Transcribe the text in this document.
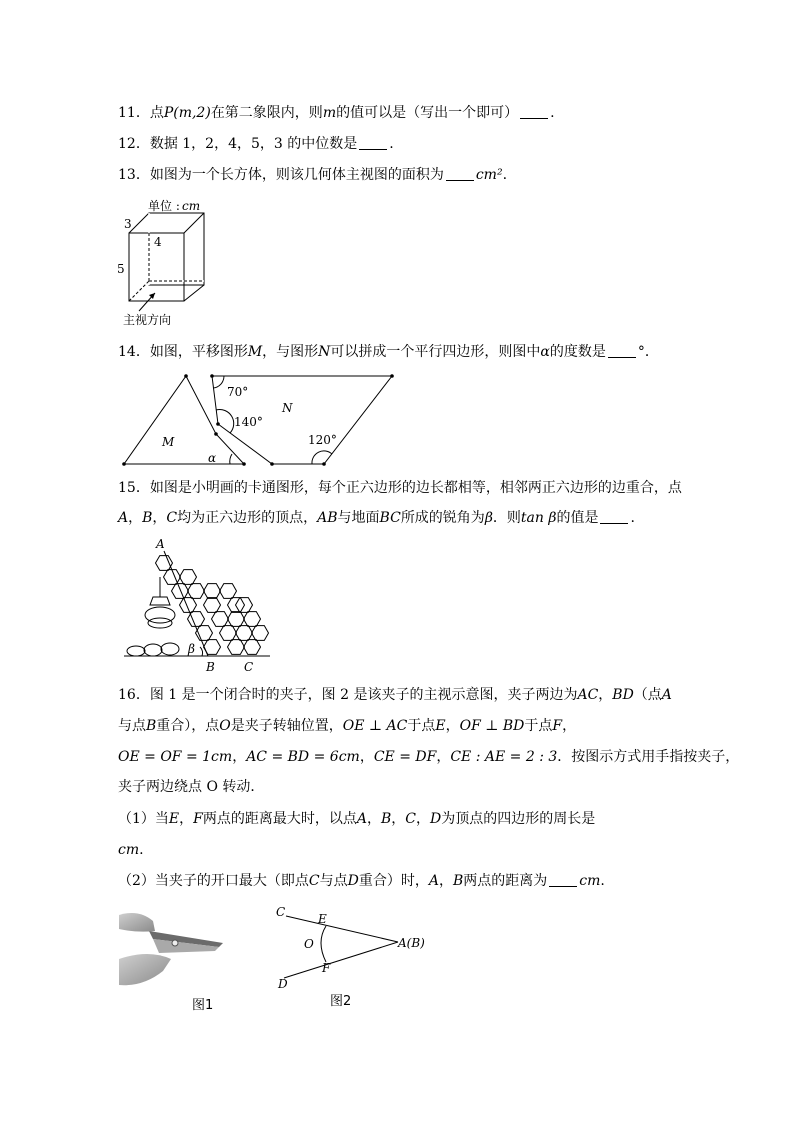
11．点P(m,2)在第二象限内，则m的值可以是（写出一个即可） .
12．数据 1，2，4，5，3 的中位数是 .
13．如图为一个长方体，则该几何体主视图的面积为 cm².
单位 : cm
3
4
5
主视方向
14．如图，平移图形M，与图形N可以拼成一个平行四边形，则图中α的度数是 °．
70°
140°
120°
M
N
α
15．如图是小明画的卡通图形，每个正六边形的边长都相等，相邻两正六边形的边重合，点
A，B，C均为正六边形的顶点，AB与地面BC所成的锐角为β．则tan β的值是 .
A
B C
β
16．图 1 是一个闭合时的夹子，图 2 是该夹子的主视示意图，夹子两边为AC，BD（点A
与点B重合），点O是夹子转轴位置，OE ⊥ AC于点E，OF ⊥ BD于点F，
OE = OF = 1cm，AC = BD = 6cm，CE = DF，CE : AE = 2 : 3．按图示方式用手指按夹子，
夹子两边绕点 O 转动．
（1）当E，F两点的距离最大时，以点A，B，C，D为顶点的四边形的周长是
cm.
（2）当夹子的开口最大（即点C与点D重合）时，A，B两点的距离为 cm.
图1
C	E
O	A(B)
F
D
图2
